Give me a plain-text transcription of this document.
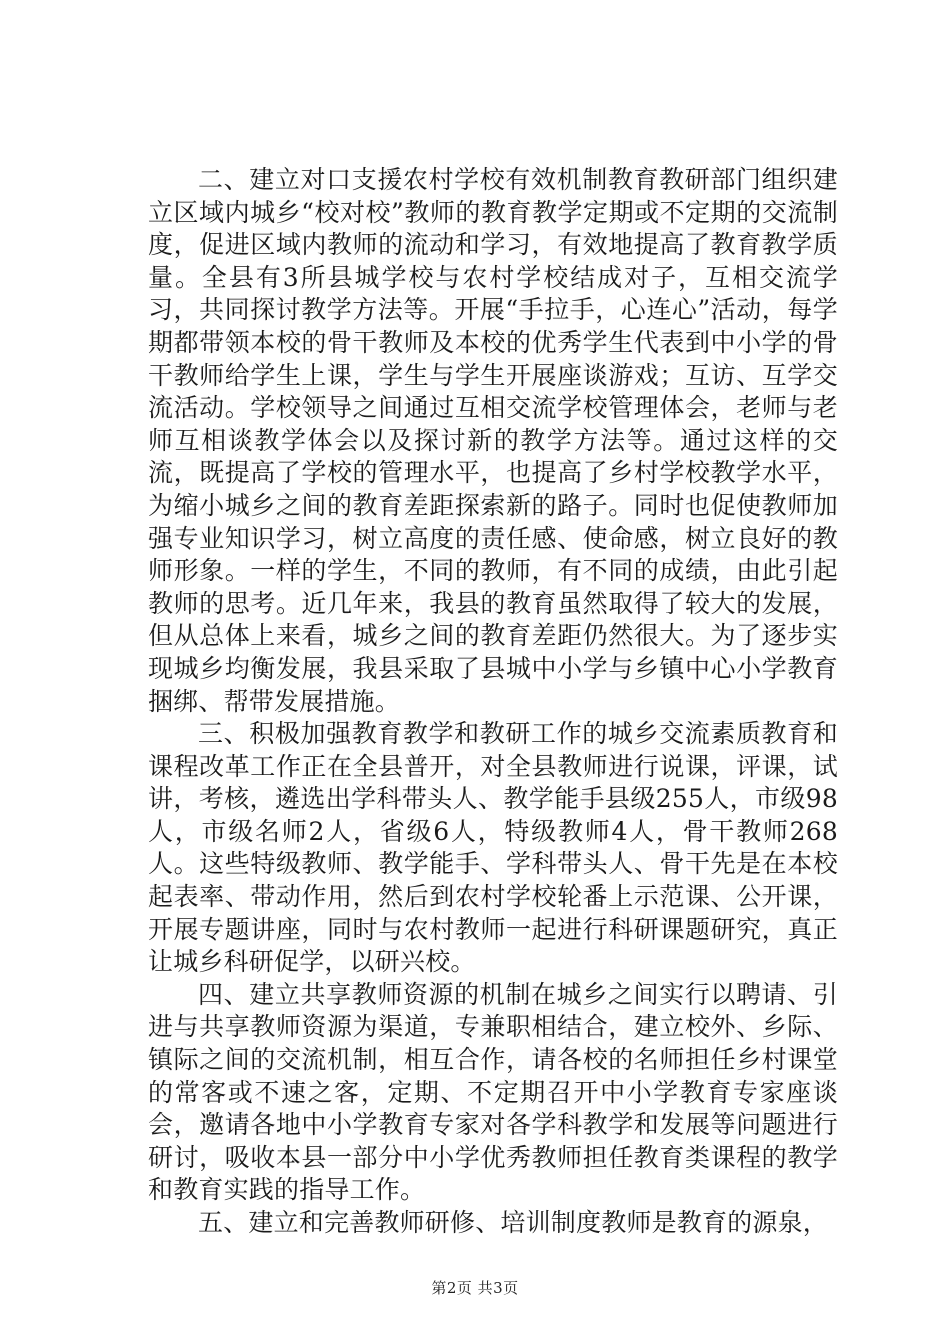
二、建立对口支援农村学校有效机制教育教研部门组织建立区域内城乡“校对校”教师的教育教学定期或不定期的交流制度，促进区域内教师的流动和学习，有效地提高了教育教学质量。全县有3所县城学校与农村学校结成对子，互相交流学习，共同探讨教学方法等。开展“手拉手，心连心”活动，每学期都带领本校的骨干教师及本校的优秀学生代表到中小学的骨干教师给学生上课，学生与学生开展座谈游戏；互访、互学交流活动。学校领导之间通过互相交流学校管理体会，老师与老师互相谈教学体会以及探讨新的教学方法等。通过这样的交流，既提高了学校的管理水平，也提高了乡村学校教学水平，为缩小城乡之间的教育差距探索新的路子。同时也促使教师加强专业知识学习，树立高度的责任感、使命感，树立良好的教师形象。一样的学生，不同的教师，有不同的成绩，由此引起教师的思考。近几年来，我县的教育虽然取得了较大的发展，但从总体上来看，城乡之间的教育差距仍然很大。为了逐步实现城乡均衡发展，我县采取了县城中小学与乡镇中心小学教育捆绑、帮带发展措施。

三、积极加强教育教学和教研工作的城乡交流素质教育和课程改革工作正在全县普开，对全县教师进行说课，评课，试讲，考核，遴选出学科带头人、教学能手县级255人，市级98人，市级名师2人，省级6人，特级教师4人，骨干教师268人。这些特级教师、教学能手、学科带头人、骨干先是在本校起表率、带动作用，然后到农村学校轮番上示范课、公开课，开展专题讲座，同时与农村教师一起进行科研课题研究，真正让城乡科研促学，以研兴校。

四、建立共享教师资源的机制在城乡之间实行以聘请、引进与共享教师资源为渠道，专兼职相结合，建立校外、乡际、镇际之间的交流机制，相互合作，请各校的名师担任乡村课堂的常客或不速之客，定期、不定期召开中小学教育专家座谈会，邀请各地中小学教育专家对各学科教学和发展等问题进行研讨，吸收本县一部分中小学优秀教师担任教育类课程的教学和教育实践的指导工作。

五、建立和完善教师研修、培训制度教师是教育的源泉，

第2页 共3页
